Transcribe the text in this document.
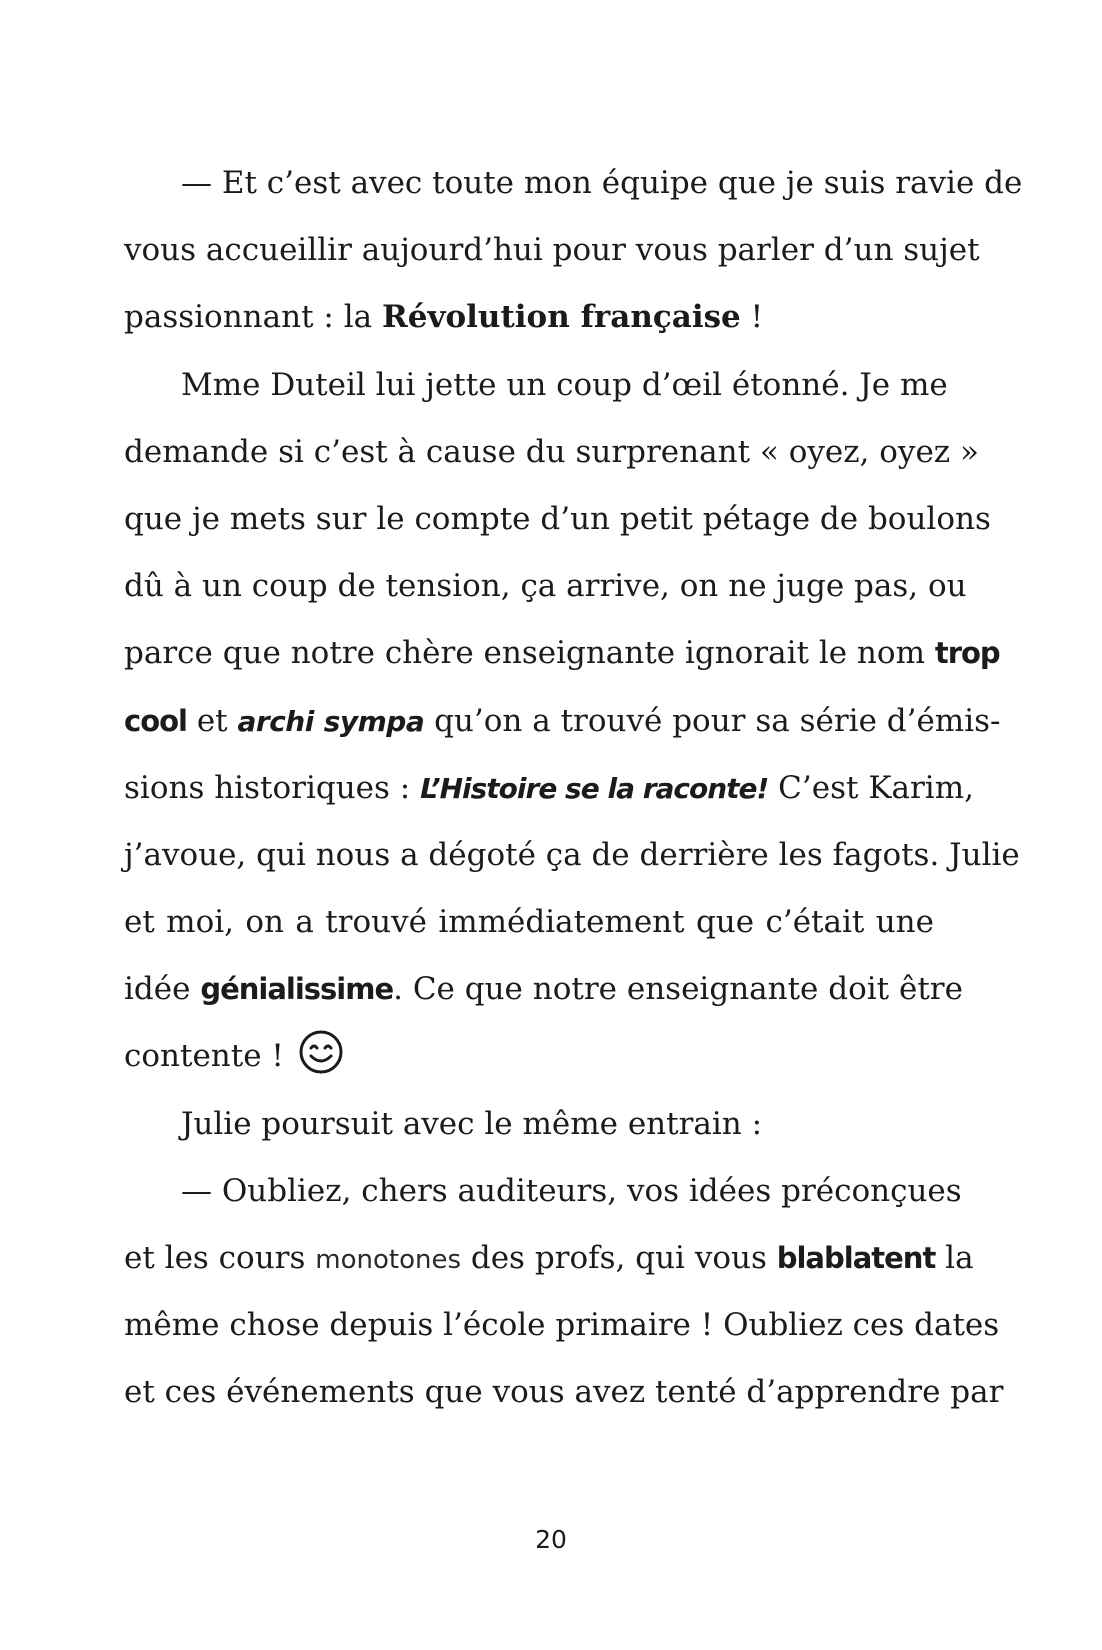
— Et c’est avec toute mon équipe que je suis ravie de
vous accueillir aujourd’hui pour vous parler d’un sujet
passionnant : la Révolution française !
Mme Duteil lui jette un coup d’œil étonné. Je me
demande si c’est à cause du surprenant « oyez, oyez »
que je mets sur le compte d’un petit pétage de boulons
dû à un coup de tension, ça arrive, on ne juge pas, ou
parce que notre chère enseignante ignorait le nom trop
cool et archi sympa qu’on a trouvé pour sa série d’émis-
sions historiques : L’Histoire se la raconte! C’est Karim,
j’avoue, qui nous a dégoté ça de derrière les fagots. Julie
et moi, on a trouvé immédiatement que c’était une
idée génialissime. Ce que notre enseignante doit être
contente !
Julie poursuit avec le même entrain :
— Oubliez, chers auditeurs, vos idées préconçues
et les cours monotones des profs, qui vous blablatent la
même chose depuis l’école primaire ! Oubliez ces dates
et ces événements que vous avez tenté d’apprendre par
20
